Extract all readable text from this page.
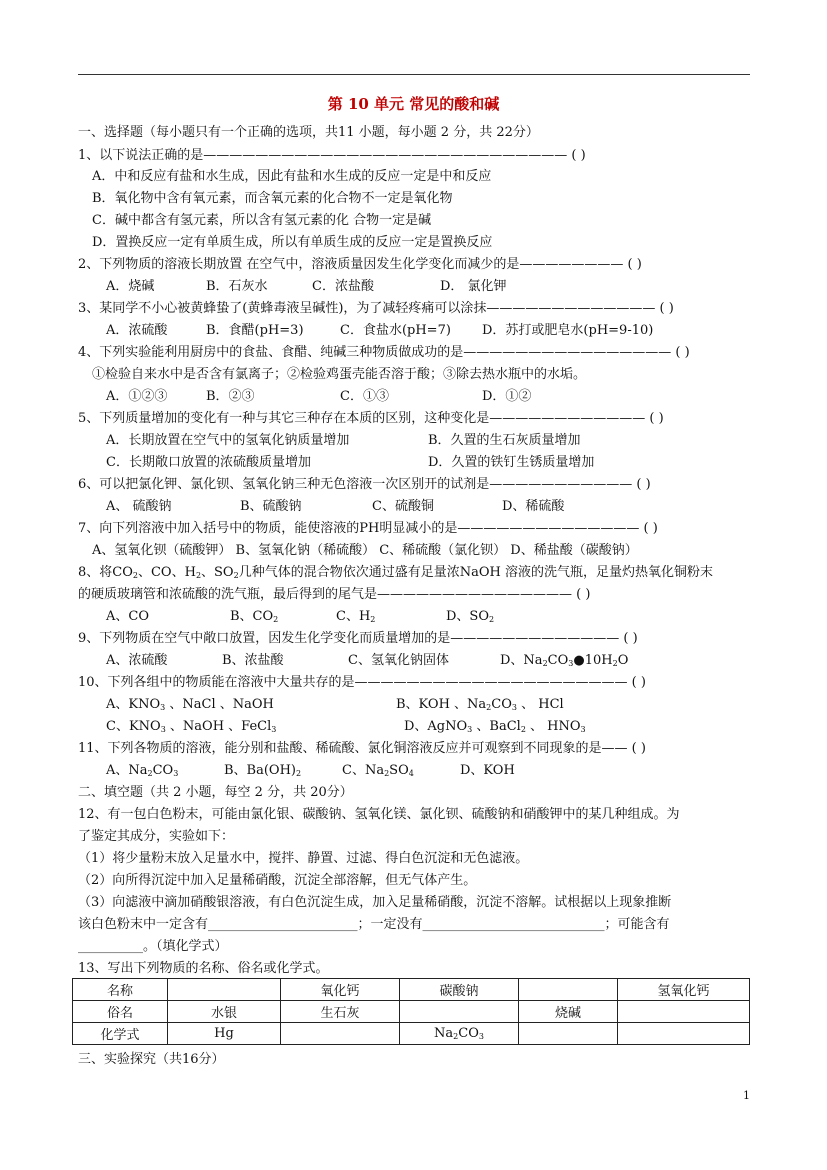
第 10 单元 常见的酸和碱
一、选择题（每小题只有一个正确的选项，共11 小题，每小题 2 分，共 22分）
1、以下说法正确的是———————————————————————————— ( )
A．中和反应有盐和水生成，因此有盐和水生成的反应一定是中和反应
B．氧化物中含有氧元素，而含氧元素的化合物不一定是氧化物
C．碱中都含有氢元素，所以含有氢元素的化 合物一定是碱
D．置换反应一定有单质生成，所以有单质生成的反应一定是置换反应
2、下列物质的溶液长期放置 在空气中，溶液质量因发生化学变化而减少的是———————— ( )
A．烧碱	B．石灰水	C．浓盐酸	D． 氯化钾
3、某同学不小心被黄蜂蛰了(黄蜂毒液呈碱性)，为了减轻疼痛可以涂抹————————————— ( )
A．浓硫酸	B．食醋(pH=3)	C．食盐水(pH=7) D．苏打或肥皂水(pH=9-10)
4、下列实验能利用厨房中的食盐、食醋、纯碱三种物质做成功的是———————————————— ( )
①检验自来水中是否含有氯离子；②检验鸡蛋壳能否溶于酸；③除去热水瓶中的水垢。
A．①②③	B．②③	C．①③	D．①②
5、下列质量增加的变化有一种与其它三种存在本质的区别，这种变化是———————————— ( )
A．长期放置在空气中的氢氧化钠质量增加	B．久置的生石灰质量增加
C．长期敞口放置的浓硫酸质量增加	D．久置的铁钉生锈质量增加
6、可以把氯化钾、氯化钡、氢氧化钠三种无色溶液一次区别开的试剂是——————————— ( )
A、 硫酸钠	B、硫酸钠	C、硫酸铜	D、稀硫酸
7、向下列溶液中加入括号中的物质，能使溶液的PH明显减小的是—————————————— ( )
A、氢氧化钡（硫酸钾） B、氢氧化钠（稀硫酸） C、稀硫酸（氯化钡） D、稀盐酸（碳酸钠）
8、将$CO_2$、CO、$H_2$、$SO_2$几种气体的混合物依次通过盛有足量浓NaOH 溶液的洗气瓶，足量灼热氧化铜粉末
的硬质玻璃管和浓硫酸的洗气瓶，最后得到的尾气是——————————————— ( )
A、CO	B、$CO_2$	C、$H_2$	D、$SO_2$
9、下列物质在空气中敞口放置，因发生化学变化而质量增加的是————————————— ( )
A、浓硫酸	B、浓盐酸	C、氢氧化钠固体	D、$Na_2CO_3●10H_2O$
10、下列各组中的物质能在溶液中大量共存的是————————————————————— ( )
A、$KNO_3$ 、NaCl 、NaOH	B、KOH 、$Na_2CO_3$ 、 HCl
C、$KNO_3$ 、NaOH 、FeCl$_3$	D、AgNO$_3$ 、BaCl$_2$ 、 $HNO_3$
11、下列各物质的溶液，能分别和盐酸、稀硫酸、氯化铜溶液反应并可观察到不同现象的是—— ( )
A、$Na_2CO_3$	B、$Ba(OH)_2$	C、$Na_2SO_4$	D、KOH
二、填空题（共 2 小题，每空 2 分，共 20分）
12、有一包白色粉末，可能由氯化银、碳酸钠、氢氧化镁、氯化钡、硫酸钠和硝酸钾中的某几种组成。为
了鉴定其成分，实验如下：
（1）将少量粉末放入足量水中，搅拌、静置、过滤、得白色沉淀和无色滤液。
（2）向所得沉淀中加入足量稀硝酸，沉淀全部溶解，但无气体产生。
（3）向滤液中滴加硝酸银溶液，有白色沉淀生成，加入足量稀硝酸，沉淀不溶解。试根据以上现象推断
该白色粉末中一定含有_______________________；一定没有____________________________；可能含有
__________。（填化学式）
13、写出下列物质的名称、俗名或化学式。
名称		氧化钙	碳酸钠		氢氧化钙
俗名	水银	生石灰		烧碱	
化学式	Hg		$Na_2CO_3$		
三、实验探究（共16分）
1
